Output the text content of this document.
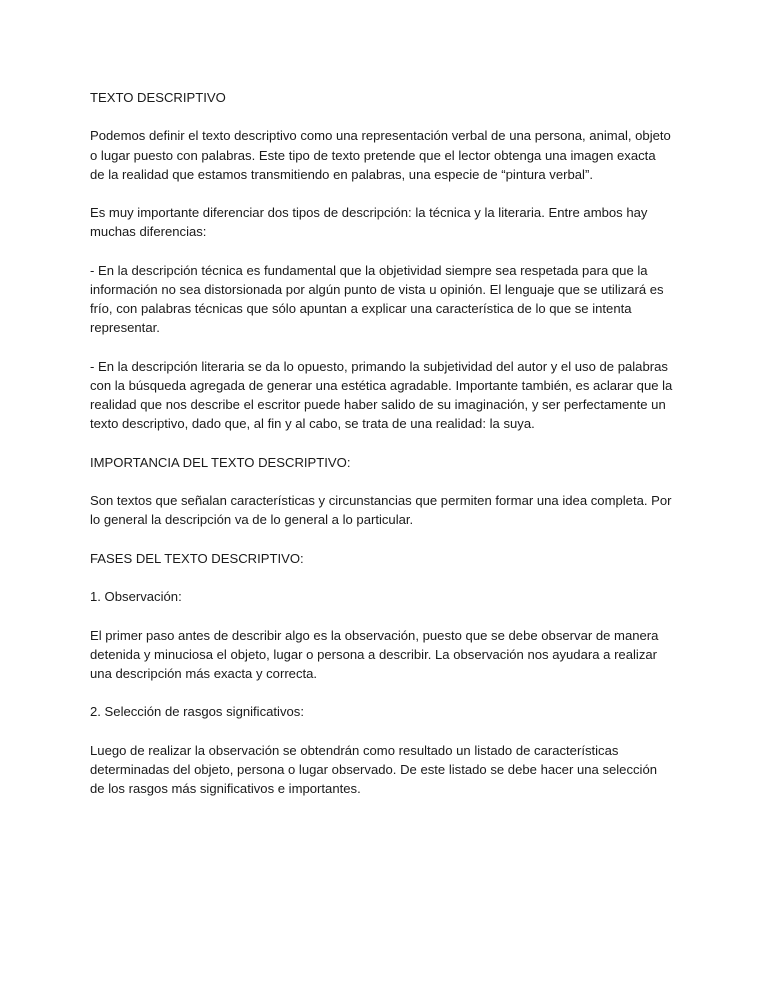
TEXTO DESCRIPTIVO

Podemos definir el texto descriptivo como una representación verbal de una persona, animal, objeto
o lugar puesto con palabras. Este tipo de texto pretende que el lector obtenga una imagen exacta
de la realidad que estamos transmitiendo en palabras, una especie de “pintura verbal”.

Es muy importante diferenciar dos tipos de descripción: la técnica y la literaria. Entre ambos hay
muchas diferencias:

- En la descripción técnica es fundamental que la objetividad siempre sea respetada para que la
información no sea distorsionada por algún punto de vista u opinión. El lenguaje que se utilizará es
frío, con palabras técnicas que sólo apuntan a explicar una característica de lo que se intenta
representar.

- En la descripción literaria se da lo opuesto, primando la subjetividad del autor y el uso de palabras
con la búsqueda agregada de generar una estética agradable. Importante también, es aclarar que la
realidad que nos describe el escritor puede haber salido de su imaginación, y ser perfectamente un
texto descriptivo, dado que, al fin y al cabo, se trata de una realidad: la suya.

IMPORTANCIA DEL TEXTO DESCRIPTIVO:

Son textos que señalan características y circunstancias que permiten formar una idea completa. Por
lo general la descripción va de lo general a lo particular.

FASES DEL TEXTO DESCRIPTIVO:

1. Observación:

El primer paso antes de describir algo es la observación, puesto que se debe observar de manera
detenida y minuciosa el objeto, lugar o persona a describir. La observación nos ayudara a realizar
una descripción más exacta y correcta.

2. Selección de rasgos significativos:

Luego de realizar la observación se obtendrán como resultado un listado de características
determinadas del objeto, persona o lugar observado. De este listado se debe hacer una selección
de los rasgos más significativos e importantes.
